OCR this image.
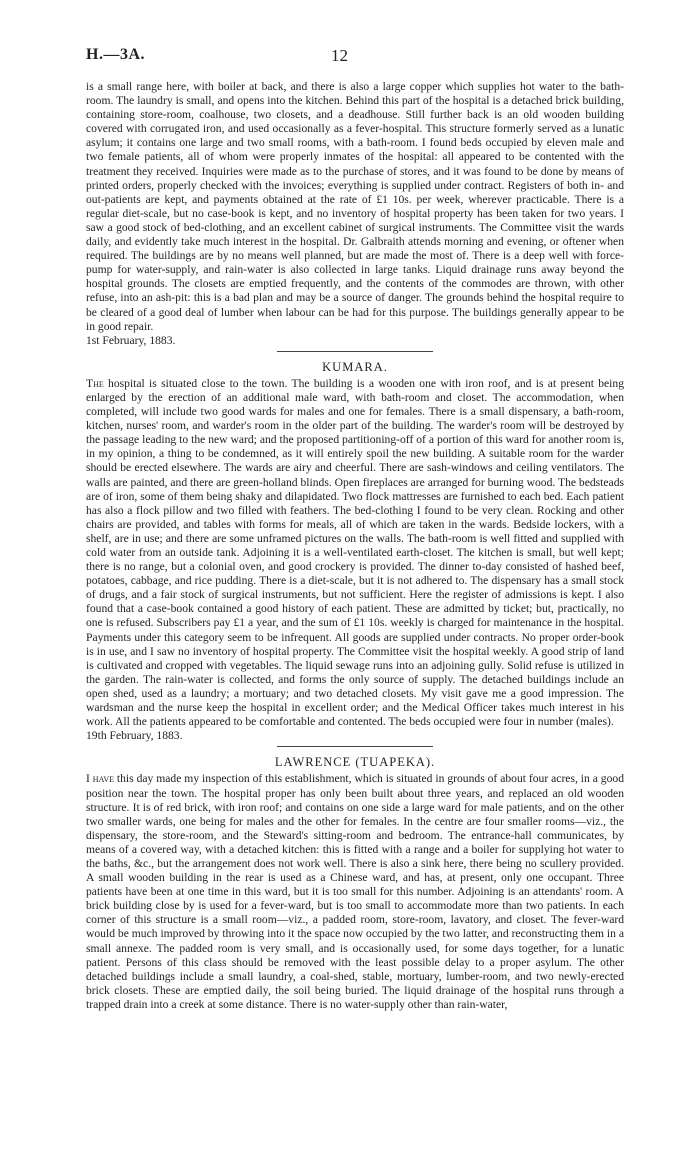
H.—3A.	12

is a small range here, with boiler at back, and there is also a large copper which supplies hot water to the bath-room. The laundry is small, and opens into the kitchen. Behind this part of the hospital is a detached brick building, containing store-room, coalhouse, two closets, and a deadhouse. Still further back is an old wooden building covered with corrugated iron, and used occasionally as a fever-hospital. This structure formerly served as a lunatic asylum; it contains one large and two small rooms, with a bath-room. I found beds occupied by eleven male and two female patients, all of whom were properly inmates of the hospital: all appeared to be contented with the treatment they received. Inquiries were made as to the purchase of stores, and it was found to be done by means of printed orders, properly checked with the invoices; everything is supplied under contract. Registers of both in- and out-patients are kept, and payments obtained at the rate of £1 10s. per week, wherever practicable. There is a regular diet-scale, but no case-book is kept, and no inventory of hospital property has been taken for two years. I saw a good stock of bed-clothing, and an excellent cabinet of surgical instruments. The Committee visit the wards daily, and evidently take much interest in the hospital. Dr. Galbraith attends morning and evening, or oftener when required. The buildings are by no means well planned, but are made the most of. There is a deep well with force-pump for water-supply, and rain-water is also collected in large tanks. Liquid drainage runs away beyond the hospital grounds. The closets are emptied frequently, and the contents of the commodes are thrown, with other refuse, into an ash-pit: this is a bad plan and may be a source of danger. The grounds behind the hospital require to be cleared of a good deal of lumber when labour can be had for this purpose. The buildings generally appear to be in good repair.

1st February, 1883.

KUMARA.

The hospital is situated close to the town. The building is a wooden one with iron roof, and is at present being enlarged by the erection of an additional male ward, with bath-room and closet. The accommodation, when completed, will include two good wards for males and one for females. There is a small dispensary, a bath-room, kitchen, nurses' room, and warder's room in the older part of the building. The warder's room will be destroyed by the passage leading to the new ward; and the proposed partitioning-off of a portion of this ward for another room is, in my opinion, a thing to be condemned, as it will entirely spoil the new building. A suitable room for the warder should be erected elsewhere. The wards are airy and cheerful. There are sash-windows and ceiling ventilators. The walls are painted, and there are green-holland blinds. Open fireplaces are arranged for burning wood. The bedsteads are of iron, some of them being shaky and dilapidated. Two flock mattresses are furnished to each bed. Each patient has also a flock pillow and two filled with feathers. The bed-clothing I found to be very clean. Rocking and other chairs are provided, and tables with forms for meals, all of which are taken in the wards. Bedside lockers, with a shelf, are in use; and there are some unframed pictures on the walls. The bath-room is well fitted and supplied with cold water from an outside tank. Adjoining it is a well-ventilated earth-closet. The kitchen is small, but well kept; there is no range, but a colonial oven, and good crockery is provided. The dinner to-day consisted of hashed beef, potatoes, cabbage, and rice pudding. There is a diet-scale, but it is not adhered to. The dispensary has a small stock of drugs, and a fair stock of surgical instruments, but not sufficient. Here the register of admissions is kept. I also found that a case-book contained a good history of each patient. These are admitted by ticket; but, practically, no one is refused. Subscribers pay £1 a year, and the sum of £1 10s. weekly is charged for maintenance in the hospital. Payments under this category seem to be infrequent. All goods are supplied under contracts. No proper order-book is in use, and I saw no inventory of hospital property. The Committee visit the hospital weekly. A good strip of land is cultivated and cropped with vegetables. The liquid sewage runs into an adjoining gully. Solid refuse is utilized in the garden. The rain-water is collected, and forms the only source of supply. The detached buildings include an open shed, used as a laundry; a mortuary; and two detached closets. My visit gave me a good impression. The wardsman and the nurse keep the hospital in excellent order; and the Medical Officer takes much interest in his work. All the patients appeared to be comfortable and contented. The beds occupied were four in number (males).

19th February, 1883.

LAWRENCE (TUAPEKA).

I have this day made my inspection of this establishment, which is situated in grounds of about four acres, in a good position near the town. The hospital proper has only been built about three years, and replaced an old wooden structure. It is of red brick, with iron roof; and contains on one side a large ward for male patients, and on the other two smaller wards, one being for males and the other for females. In the centre are four smaller rooms—viz., the dispensary, the store-room, and the Steward's sitting-room and bedroom. The entrance-hall communicates, by means of a covered way, with a detached kitchen: this is fitted with a range and a boiler for supplying hot water to the baths, &c., but the arrangement does not work well. There is also a sink here, there being no scullery provided. A small wooden building in the rear is used as a Chinese ward, and has, at present, only one occupant. Three patients have been at one time in this ward, but it is too small for this number. Adjoining is an attendants' room. A brick building close by is used for a fever-ward, but is too small to accommodate more than two patients. In each corner of this structure is a small room—viz., a padded room, store-room, lavatory, and closet. The fever-ward would be much improved by throwing into it the space now occupied by the two latter, and reconstructing them in a small annexe. The padded room is very small, and is occasionally used, for some days together, for a lunatic patient. Persons of this class should be removed with the least possible delay to a proper asylum. The other detached buildings include a small laundry, a coal-shed, stable, mortuary, lumber-room, and two newly-erected brick closets. These are emptied daily, the soil being buried. The liquid drainage of the hospital runs through a trapped drain into a creek at some distance. There is no water-supply other than rain-water,
